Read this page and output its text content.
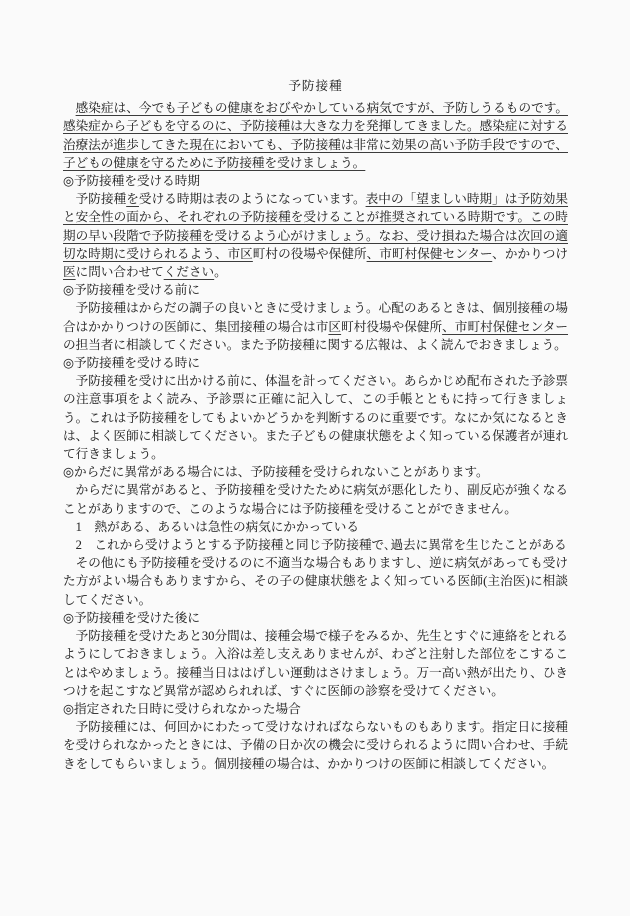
予防接種

　感染症は、今でも子どもの健康をおびやかしている病気ですが、予防しうるものです。感染症から子どもを守るのに、予防接種は大きな力を発揮してきました。感染症に対する治療法が進歩してきた現在においても、予防接種は非常に効果の高い予防手段ですので、子どもの健康を守るために予防接種を受けましょう。

◎予防接種を受ける時期

　予防接種を受ける時期は表のようになっています。表中の「望ましい時期」は予防効果と安全性の面から、それぞれの予防接種を受けることが推奨されている時期です。この時期の早い段階で予防接種を受けるよう心がけましょう。なお、受け損ねた場合は次回の適切な時期に受けられるよう、市区町村の役場や保健所、市町村保健センター、かかりつけ医に問い合わせてください。

◎予防接種を受ける前に

　予防接種はからだの調子の良いときに受けましょう。心配のあるときは、個別接種の場合はかかりつけの医師に、集団接種の場合は市区町村役場や保健所、市町村保健センターの担当者に相談してください。また予防接種に関する広報は、よく読んでおきましょう。

◎予防接種を受ける時に

　予防接種を受けに出かける前に、体温を計ってください。あらかじめ配布された予診票の注意事項をよく読み、予診票に正確に記入して、この手帳とともに持って行きましょう。これは予防接種をしてもよいかどうかを判断するのに重要です。なにか気になるときは、よく医師に相談してください。また子どもの健康状態をよく知っている保護者が連れて行きましょう。

◎からだに異常がある場合には、予防接種を受けられないことがあります。

　からだに異常があると、予防接種を受けたために病気が悪化したり、副反応が強くなることがありますので、このような場合には予防接種を受けることができません。

　1　熱がある、あるいは急性の病気にかかっている

　2　これから受けようとする予防接種と同じ予防接種で､過去に異常を生じたことがある

　その他にも予防接種を受けるのに不適当な場合もありますし、逆に病気があっても受けた方がよい場合もありますから、その子の健康状態をよく知っている医師(主治医)に相談してください。

◎予防接種を受けた後に

　予防接種を受けたあと30分間は、接種会場で様子をみるか、先生とすぐに連絡をとれるようにしておきましょう。入浴は差し支えありませんが、わざと注射した部位をこすることはやめましょう。接種当日ははげしい運動はさけましょう。万一高い熱が出たり、ひきつけを起こすなど異常が認められれば、すぐに医師の診察を受けてください。

◎指定された日時に受けられなかった場合

　予防接種には、何回かにわたって受けなければならないものもあります。指定日に接種を受けられなかったときには、予備の日か次の機会に受けられるように問い合わせ、手続きをしてもらいましょう。個別接種の場合は、かかりつけの医師に相談してください。
